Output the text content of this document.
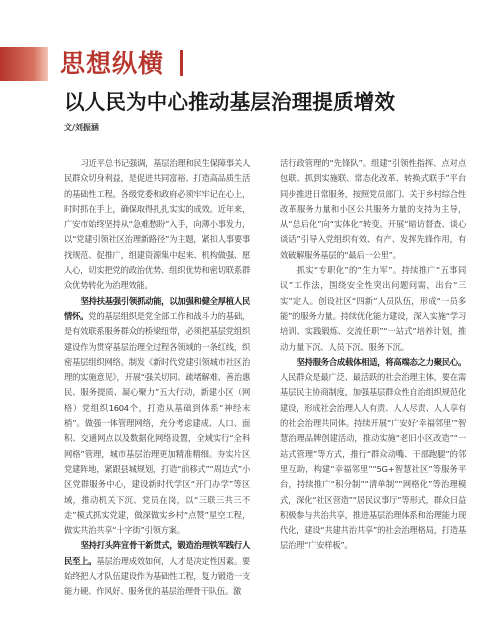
思想纵横
以人民为中心推动基层治理提质增效
文/刘振涵

习近平总书记强调，基层治理和民生保障事关人民群众切身利益，是促进共同富裕、打造高品质生活的基础性工程。各级党委和政府必须牢牢记在心上，时时抓在手上，确保取得扎扎实实的成效。近年来，广安市始终坚持从“急难愁盼”入手，向薄小事发力，以“党建引领社区治理新路径”为主题，紧扣人事要事找规范、促推广，组建资源集中起来、机构做强、愿人心，切实把党的政治优势、组织优势和密切联系群众优势转化为治理效能。

坚持扶基强引领抓动能，以加强和健全厚植人民情怀。党的基层组织是党全部工作和战斗力的基础，是有效联系服务群众的桥梁纽带，必须把基层党组织建设作为贯穿基层治理全过程各领域的一条红线，织密基层组织网络。制发《新时代党建引领城市社区治理的实施意见》，开展“强关切同、疏堵解难、善治惠民、服务提质、凝心聚力”五大行动，新建小区（网格）党组织1604个，打造从基础到体系“神经末梢”。做强一体管理网络，充分考虑建成、人口、面积、交通网点以及数据化网络设置，全域实行“全科网格”管理，城市基层治理更加精准精细。夯实片区党建阵地，紧跟县城规划，打造“前移式”“周边式”小区党群服务中心，建设新时代学区“开门办学”等区域，推动机关下沉、党员在岗，以“三联三共三不走”模式抓实党建，做深做实乡村“点赞”星空工程，做实共治共享“十字街”引领方案。

坚持打头阵宣骨干新贯式，锻造治理铁军践行人民至上。基层治理成效如何，人才是决定性因素。要始终把人才队伍建设作为基础性工程，复力锻造一支能力硬、作风好、服务优的基层治理骨干队伍。激

活行政管理的“先锋队”。组建“引领性指挥、点对点包联、抓到实施联、常态化改革、转换式联手”平台同步推进日常服务，按照党员部门、关于乡村综合性改革服务力量和小区公共服务力量的支持为主导，从“总后化”向“实体化”转变。开展“暗访督查、谈心谈话”引导入党组织有效、有产、发挥先锋作用，有效破解服务基层的“最后一公里”。

抓实“专职化”的“生力军”。持续推广“五事同议”工作法，围绕安全性突出问题问需，出台“三实”定人。创设社区“四新”人员队伍，形成“一员多能”的服务力量。持续优化能力建设，深入实施“学习培训、实践锻炼、交流任职”“一站式”培养计划，推动力量下沉、人员下沉、服务下沉。

坚持服务合成载体相适，将高端态之力聚民心。人民群众是最广泛、最活跃的社会治理主体，要在需基层民主协商制度，加强基层群众性自治组织规范化建设，形成社会治理人人有责、人人尽责、人人享有的社会治理共同体。持续开展“广安好‘幸福邻里’”智慧治理品牌创建活动，推动实施“老旧小区改造”“一站式管理”等方式，推行“群众动嘴、干部跑腿”的邻里互助，构建“幸福邻里”“5G+智慧社区”等服务平台，持续推广“积分制”“清单制”“网格化”等治理模式，深化“社区营造”“居民议事厅”等形式，群众日益积极参与共治共享，推进基层治理体系和治理能力现代化，建设“共建共治共享”的社会治理格局，打造基层治理“广安样板”。
